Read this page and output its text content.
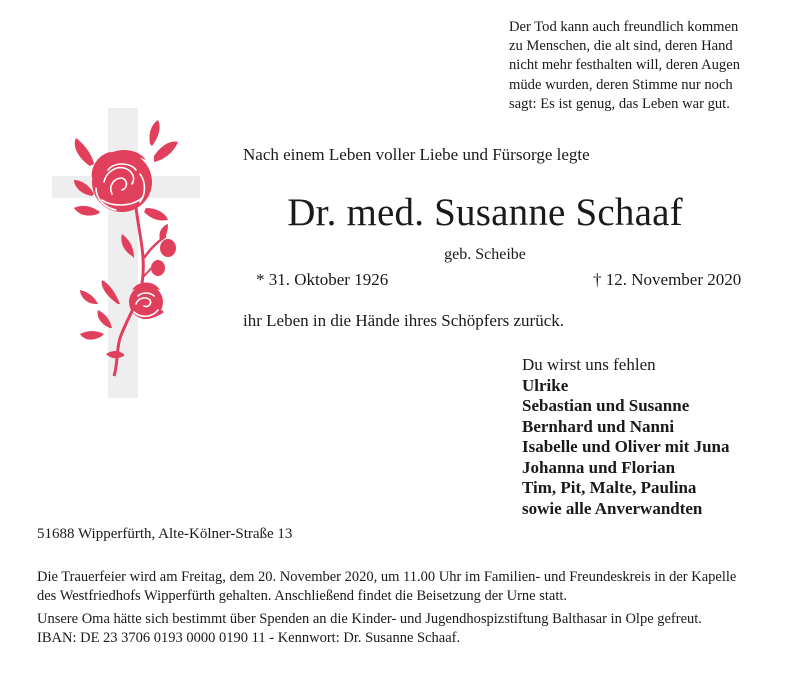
Der Tod kann auch freundlich kommen
zu Menschen, die alt sind, deren Hand
nicht mehr festhalten will, deren Augen
müde wurden, deren Stimme nur noch
sagt: Es ist genug, das Leben war gut.
Nach einem Leben voller Liebe und Fürsorge legte
Dr. med. Susanne Schaaf
geb. Scheibe
* 31. Oktober 1926	† 12. November 2020
ihr Leben in die Hände ihres Schöpfers zurück.
Du wirst uns fehlen
Ulrike
Sebastian und Susanne
Bernhard und Nanni
Isabelle und Oliver mit Juna
Johanna und Florian
Tim, Pit, Malte, Paulina
sowie alle Anverwandten
51688 Wipperfürth, Alte-Kölner-Straße 13
Die Trauerfeier wird am Freitag, dem 20. November 2020, um 11.00 Uhr im Familien- und Freundeskreis in der Kapelle
des Westfriedhofs Wipperfürth gehalten. Anschließend findet die Beisetzung der Urne statt.
Unsere Oma hätte sich bestimmt über Spenden an die Kinder- und Jugendhospizstiftung Balthasar in Olpe gefreut.
IBAN: DE 23 3706 0193 0000 0190 11 - Kennwort: Dr. Susanne Schaaf.
